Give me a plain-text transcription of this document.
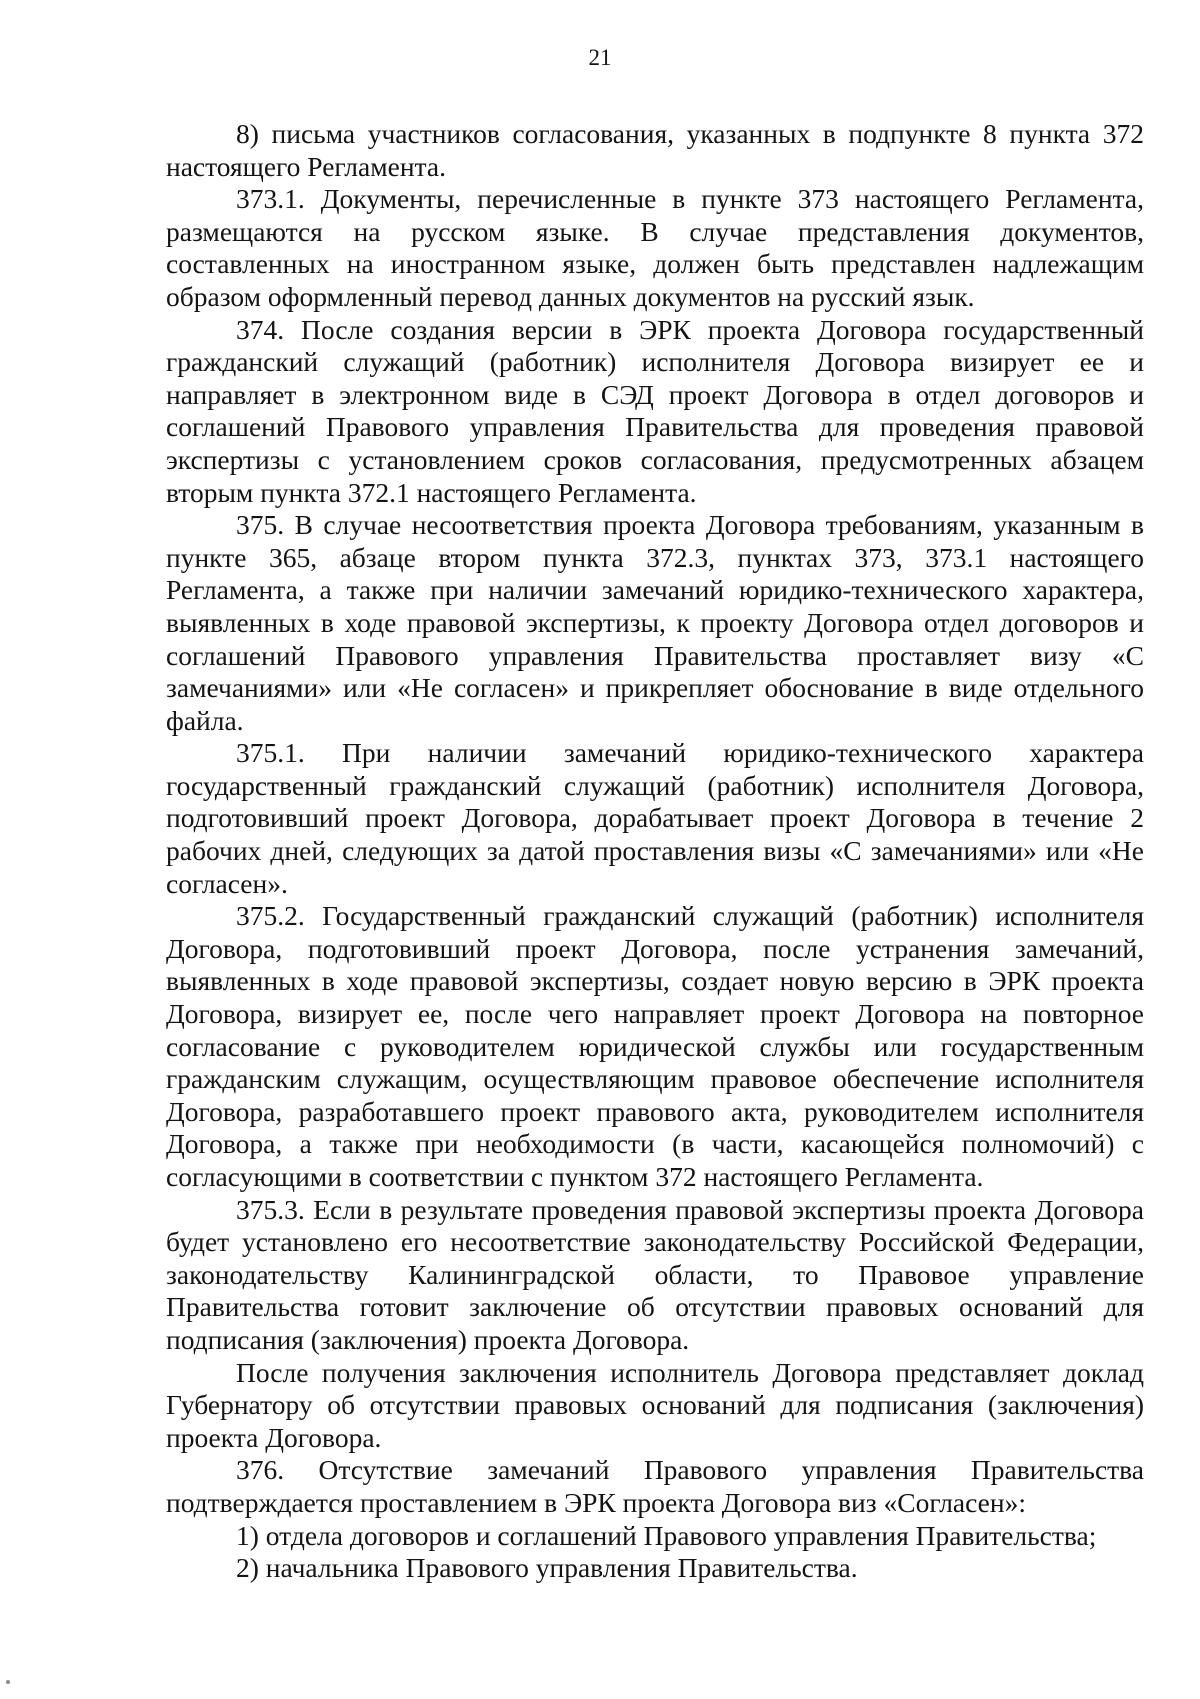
21

8) письма участников согласования, указанных в подпункте 8 пункта 372 настоящего Регламента.

373.1. Документы, перечисленные в пункте 373 настоящего Регламента, размещаются на русском языке. В случае представления документов, составленных на иностранном языке, должен быть представлен надлежащим образом оформленный перевод данных документов на русский язык.

374. После создания версии в ЭРК проекта Договора государственный гражданский служащий (работник) исполнителя Договора визирует ее и направляет в электронном виде в СЭД проект Договора в отдел договоров и соглашений Правового управления Правительства для проведения правовой экспертизы с установлением сроков согласования, предусмотренных абзацем вторым пункта 372.1 настоящего Регламента.

375. В случае несоответствия проекта Договора требованиям, указанным в пункте 365, абзаце втором пункта 372.3, пунктах 373, 373.1 настоящего Регламента, а также при наличии замечаний юридико-технического характера, выявленных в ходе правовой экспертизы, к проекту Договора отдел договоров и соглашений Правового управления Правительства проставляет визу «С замечаниями» или «Не согласен» и прикрепляет обоснование в виде отдельного файла.

375.1. При наличии замечаний юридико-технического характера государственный гражданский служащий (работник) исполнителя Договора, подготовивший проект Договора, дорабатывает проект Договора в течение 2 рабочих дней, следующих за датой проставления визы «С замечаниями» или «Не согласен».

375.2. Государственный гражданский служащий (работник) исполнителя Договора, подготовивший проект Договора, после устранения замечаний, выявленных в ходе правовой экспертизы, создает новую версию в ЭРК проекта Договора, визирует ее, после чего направляет проект Договора на повторное согласование с руководителем юридической службы или государственным гражданским служащим, осуществляющим правовое обеспечение исполнителя Договора, разработавшего проект правового акта, руководителем исполнителя Договора, а также при необходимости (в части, касающейся полномочий) с согласующими в соответствии с пунктом 372 настоящего Регламента.

375.3. Если в результате проведения правовой экспертизы проекта Договора будет установлено его несоответствие законодательству Российской Федерации, законодательству Калининградской области, то Правовое управление Правительства готовит заключение об отсутствии правовых оснований для подписания (заключения) проекта Договора.

После получения заключения исполнитель Договора представляет доклад Губернатору об отсутствии правовых оснований для подписания (заключения) проекта Договора.

376. Отсутствие замечаний Правового управления Правительства подтверждается проставлением в ЭРК проекта Договора виз «Согласен»:

1) отдела договоров и соглашений Правового управления Правительства;
2) начальника Правового управления Правительства.
